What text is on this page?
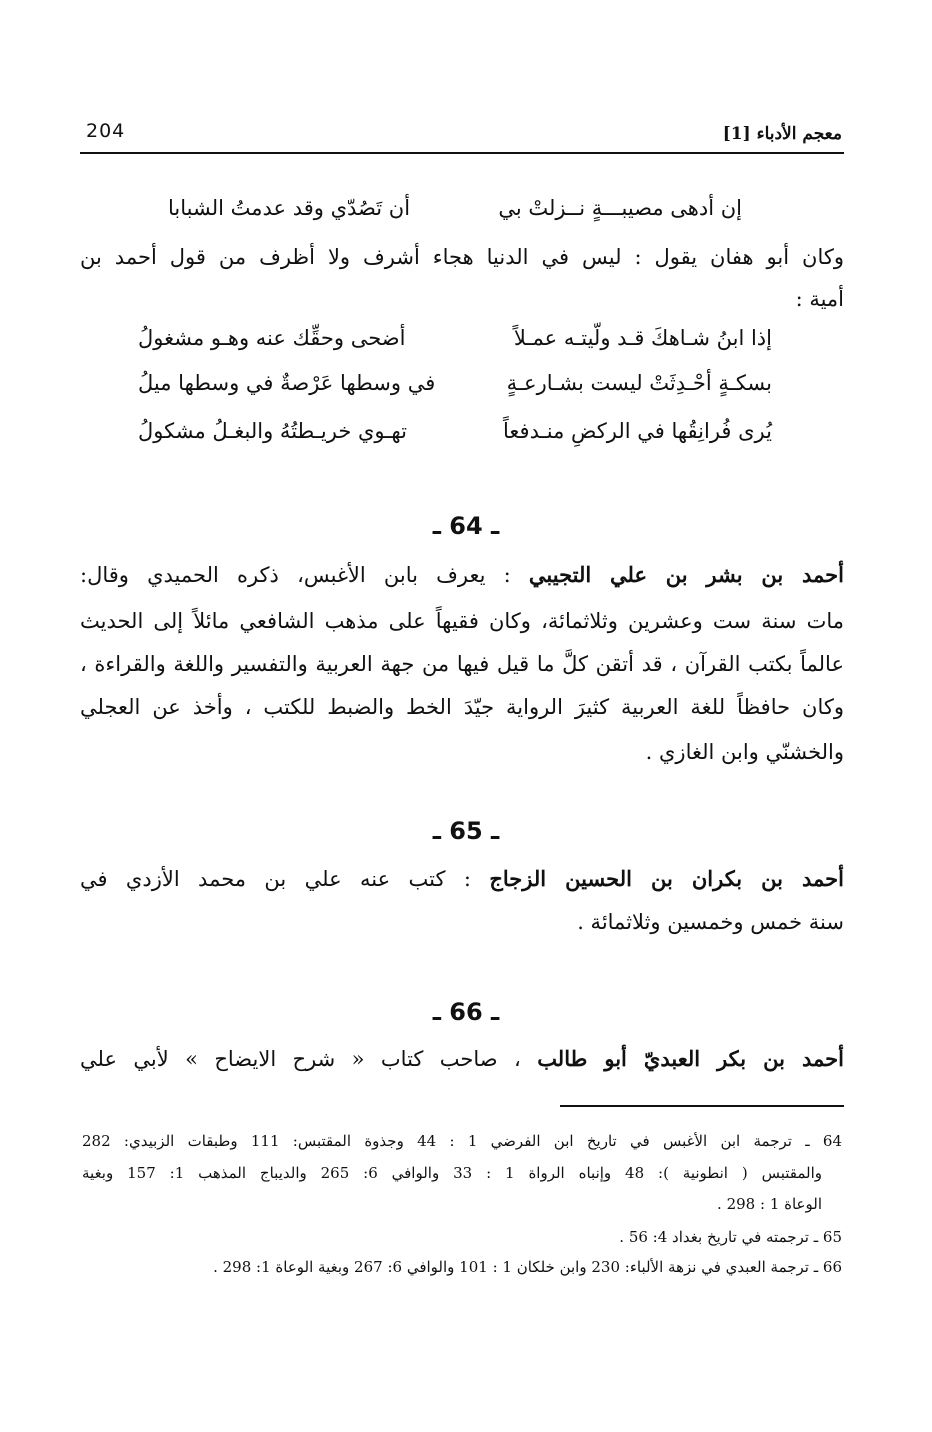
معجم الأدباء [1]
204
إن أدهى مصيبـــةٍ نــزلتْ بي
أن تَصُدّي وقد عدمتُ الشبابا
وكان أبو هفان يقول : ليس في الدنيا هجاء أشرف ولا أظرف من قول أحمد بن
أمية :
إذا ابنُ شـاهكَ قـد ولّيتـه عمـلاً
أضحى وحقِّك عنه وهـو مشغولُ
بسكـةٍ أحْـدِثَتْ ليست بشـارعـةٍ
في وسطها عَرْصةٌ في وسطها ميلُ
يُرى فُرانِقُها في الركضِ منـدفعاً
تهـوي خريـطتُهُ والبغـلُ مشكولُ
ـ 64 ـ
أحمد بن بشر بن علي التجيبي : يعرف بابن الأغبس، ذكره الحميدي وقال:
مات سنة ست وعشرين وثلاثمائة، وكان فقيهاً على مذهب الشافعي مائلاً إلى الحديث
عالماً بكتب القرآن ، قد أتقن كلَّ ما قيل فيها من جهة العربية والتفسير واللغة والقراءة ،
وكان حافظاً للغة العربية كثيرَ الرواية جيّدَ الخط والضبط للكتب ، وأخذ عن العجلي
والخشنّي وابن الغازي .
ـ 65 ـ
أحمد بن بكران بن الحسين الزجاج : كتب عنه علي بن محمد الأزدي في
سنة خمس وخمسين وثلاثمائة .
ـ 66 ـ
أحمد بن بكر العبديّ أبو طالب ، صاحب كتاب « شرح الايضاح » لأبي علي
64 ـ ترجمة ابن الأغبس في تاريخ ابن الفرضي 1 : 44 وجذوة المقتبس: 111 وطبقات الزبيدي: 282
والمقتبس ( انطونية ): 48 وإنباه الرواة 1 : 33 والوافي 6: 265 والديباج المذهب 1: 157 وبغية
الوعاة 1 : 298 .
65 ـ ترجمته في تاريخ بغداد 4: 56 .
66 ـ ترجمة العبدي في نزهة الألباء: 230 وابن خلكان 1 : 101 والوافي 6: 267 وبغية الوعاة 1: 298 .
